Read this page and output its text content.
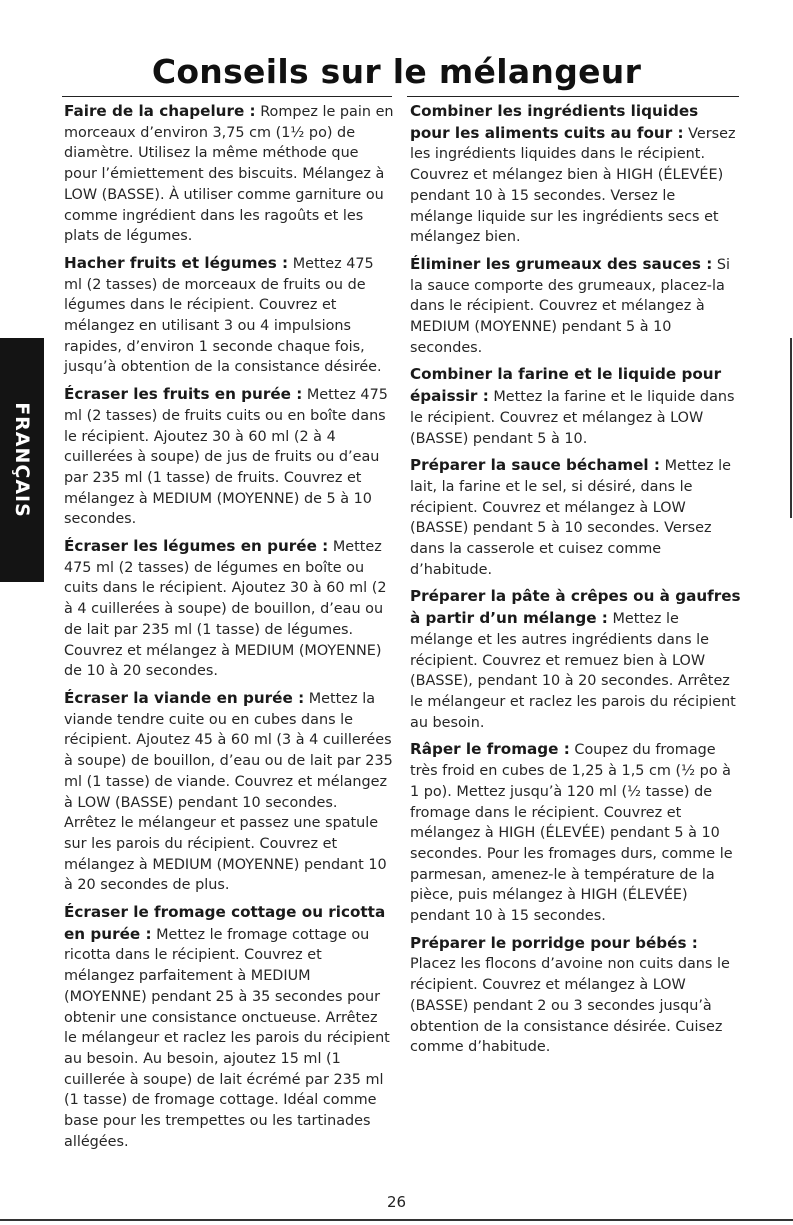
Conseils sur le mélangeur

Faire de la chapelure : Rompez le pain en morceaux d’environ 3,75 cm (1½ po) de diamètre. Utilisez la même méthode que pour l’émiettement des biscuits. Mélangez à LOW (BASSE). À utiliser comme garniture ou comme ingrédient dans les ragoûts et les plats de légumes.

Hacher fruits et légumes : Mettez 475 ml (2 tasses) de morceaux de fruits ou de légumes dans le récipient. Couvrez et mélangez en utilisant 3 ou 4 impulsions rapides, d’environ 1 seconde chaque fois, jusqu’à obtention de la consistance désirée.

Écraser les fruits en purée : Mettez 475 ml (2 tasses) de fruits cuits ou en boîte dans le récipient. Ajoutez 30 à 60 ml (2 à 4 cuillerées à soupe) de jus de fruits ou d’eau par 235 ml (1 tasse) de fruits. Couvrez et mélangez à MEDIUM (MOYENNE) de 5 à 10 secondes.

Écraser les légumes en purée : Mettez 475 ml (2 tasses) de légumes en boîte ou cuits dans le récipient. Ajoutez 30 à 60 ml (2 à 4 cuillerées à soupe) de bouillon, d’eau ou de lait par 235 ml (1 tasse) de légumes. Couvrez et mélangez à MEDIUM (MOYENNE) de 10 à 20 secondes.

Écraser la viande en purée : Mettez la viande tendre cuite ou en cubes dans le récipient. Ajoutez 45 à 60 ml (3 à 4 cuillerées à soupe) de bouillon, d’eau ou de lait par 235 ml (1 tasse) de viande. Couvrez et mélangez à LOW (BASSE) pendant 10 secondes. Arrêtez le mélangeur et passez une spatule sur les parois du récipient. Couvrez et mélangez à MEDIUM (MOYENNE) pendant 10 à 20 secondes de plus.

Écraser le fromage cottage ou ricotta en purée : Mettez le fromage cottage ou ricotta dans le récipient. Couvrez et mélangez parfaitement à MEDIUM (MOYENNE) pendant 25 à 35 secondes pour obtenir une consistance onctueuse. Arrêtez le mélangeur et raclez les parois du récipient au besoin. Au besoin, ajoutez 15 ml (1 cuillerée à soupe) de lait écrémé par 235 ml (1 tasse) de fromage cottage. Idéal comme base pour les trempettes ou les tartinades allégées.

Combiner les ingrédients liquides pour les aliments cuits au four : Versez les ingrédients liquides dans le récipient. Couvrez et mélangez bien à HIGH (ÉLEVÉE) pendant 10 à 15 secondes. Versez le mélange liquide sur les ingrédients secs et mélangez bien.

Éliminer les grumeaux des sauces : Si la sauce comporte des grumeaux, placez-la dans le récipient. Couvrez et mélangez à MEDIUM (MOYENNE) pendant 5 à 10 secondes.

Combiner la farine et le liquide pour épaissir : Mettez la farine et le liquide dans le récipient. Couvrez et mélangez à LOW (BASSE) pendant 5 à 10.

Préparer la sauce béchamel : Mettez le lait, la farine et le sel, si désiré, dans le récipient. Couvrez et mélangez à LOW (BASSE) pendant 5 à 10 secondes. Versez dans la casserole et cuisez comme d’habitude.

Préparer la pâte à crêpes ou à gaufres à partir d’un mélange : Mettez le mélange et les autres ingrédients dans le récipient. Couvrez et remuez bien à LOW (BASSE), pendant 10 à 20 secondes. Arrêtez le mélangeur et raclez les parois du récipient au besoin.

Râper le fromage : Coupez du fromage très froid en cubes de 1,25 à 1,5 cm (½ po à 1 po). Mettez jusqu’à 120 ml (½ tasse) de fromage dans le récipient. Couvrez et mélangez à HIGH (ÉLEVÉE) pendant 5 à 10 secondes. Pour les fromages durs, comme le parmesan, amenez-le à température de la pièce, puis mélangez à HIGH (ÉLEVÉE) pendant 10 à 15 secondes.

Préparer le porridge pour bébés : Placez les flocons d’avoine non cuits dans le récipient. Couvrez et mélangez à LOW (BASSE) pendant 2 ou 3 secondes jusqu’à obtention de la consistance désirée. Cuisez comme d’habitude.

FRANÇAIS
26
